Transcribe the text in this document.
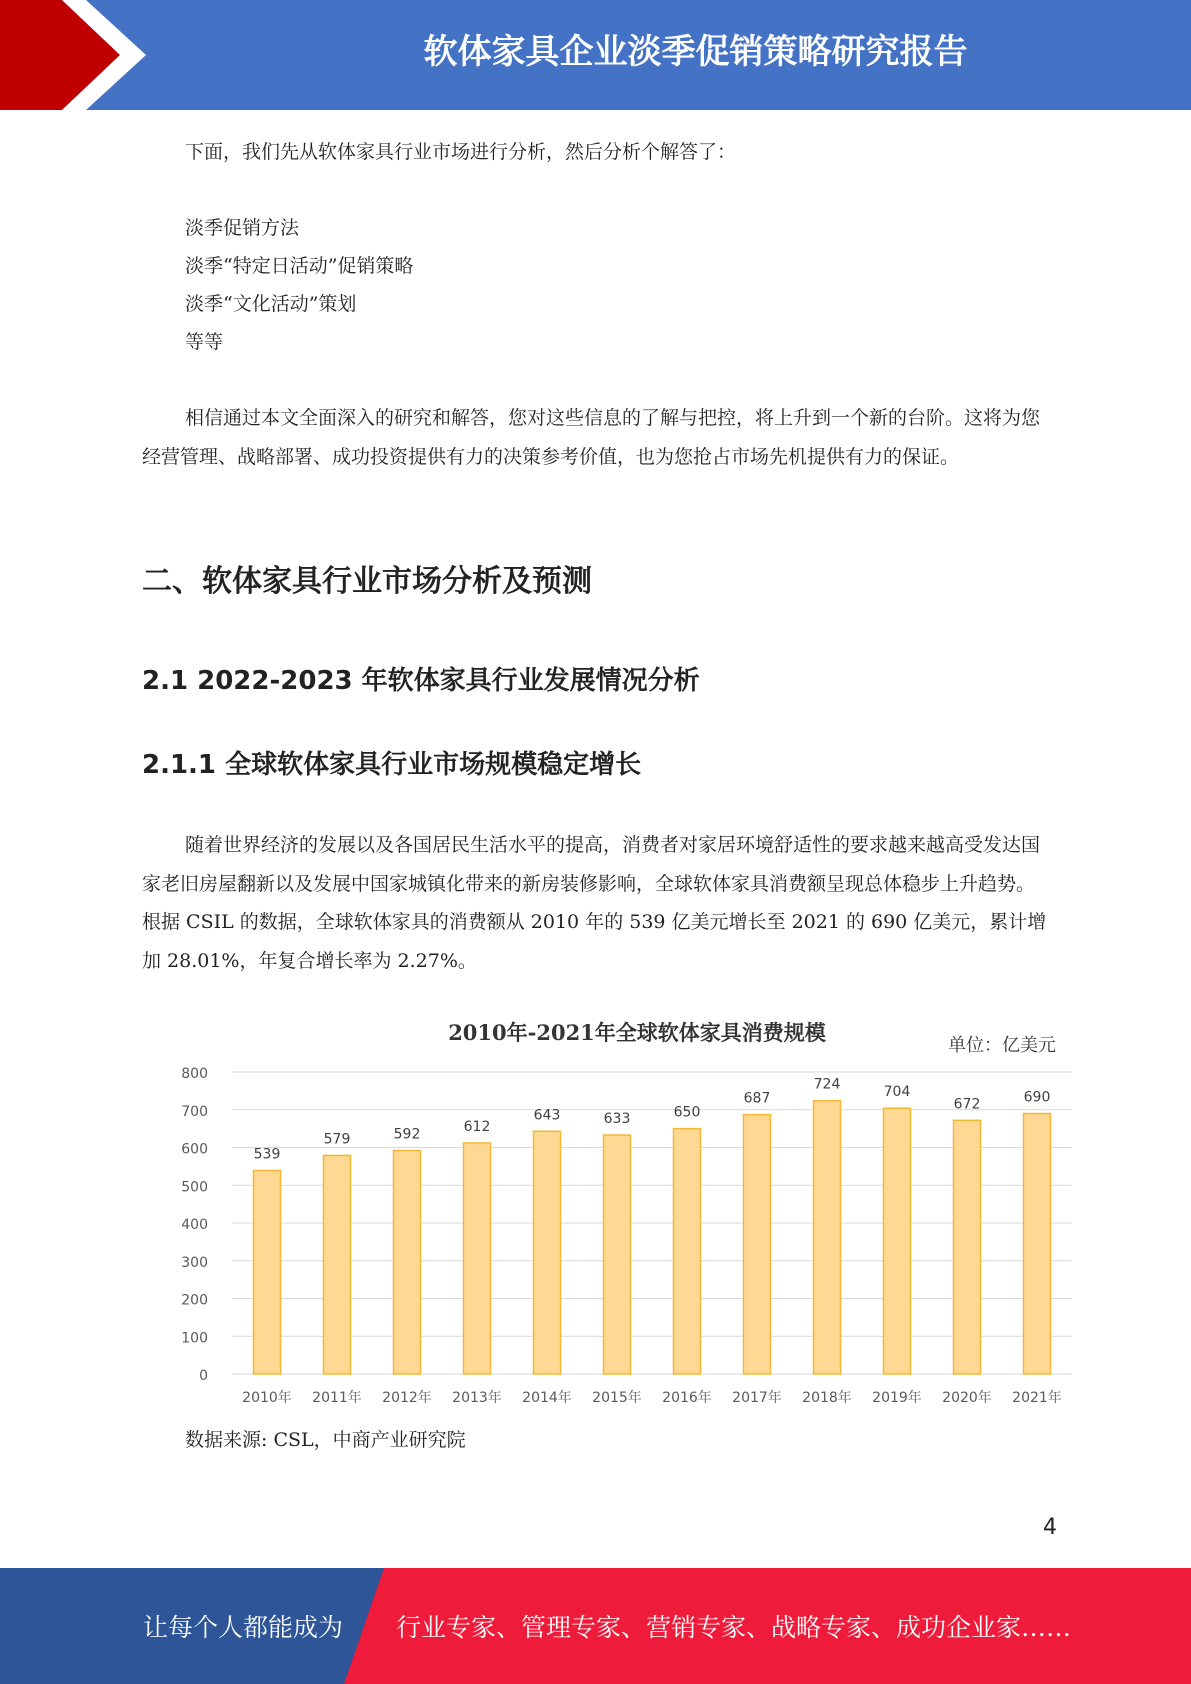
软体家具企业淡季促销策略研究报告

下面，我们先从软体家具行业市场进行分析，然后分析个解答了：

淡季促销方法
淡季“特定日活动”促销策略
淡季“文化活动”策划
等等

相信通过本文全面深入的研究和解答，您对这些信息的了解与把控，将上升到一个新的台阶。这将为您经营管理、战略部署、成功投资提供有力的决策参考价值，也为您抢占市场先机提供有力的保证。

二、软体家具行业市场分析及预测
2.1 2022-2023 年软体家具行业发展情况分析
2.1.1 全球软体家具行业市场规模稳定增长

随着世界经济的发展以及各国居民生活水平的提高，消费者对家居环境舒适性的要求越来越高受发达国家老旧房屋翻新以及发展中国家城镇化带来的新房装修影响，全球软体家具消费额呈现总体稳步上升趋势。根据 CSIL 的数据，全球软体家具的消费额从 2010 年的 539 亿美元增长至 2021 的 690 亿美元，累计增加 28.01%，年复合增长率为 2.27%。

2010年-2021年全球软体家具消费规模
单位：亿美元
0
100
200
300
400
500
600
700
800
539
579	592	612
643	633	650
687
724	704
672	690
2010年 2011年 2012年 2013年 2014年 2015年 2016年 2017年 2018年 2019年 2020年 2021年
数据来源: CSL，中商产业研究院
4
让每个人都能成为 行业专家、管理专家、营销专家、战略专家、成功企业家……
